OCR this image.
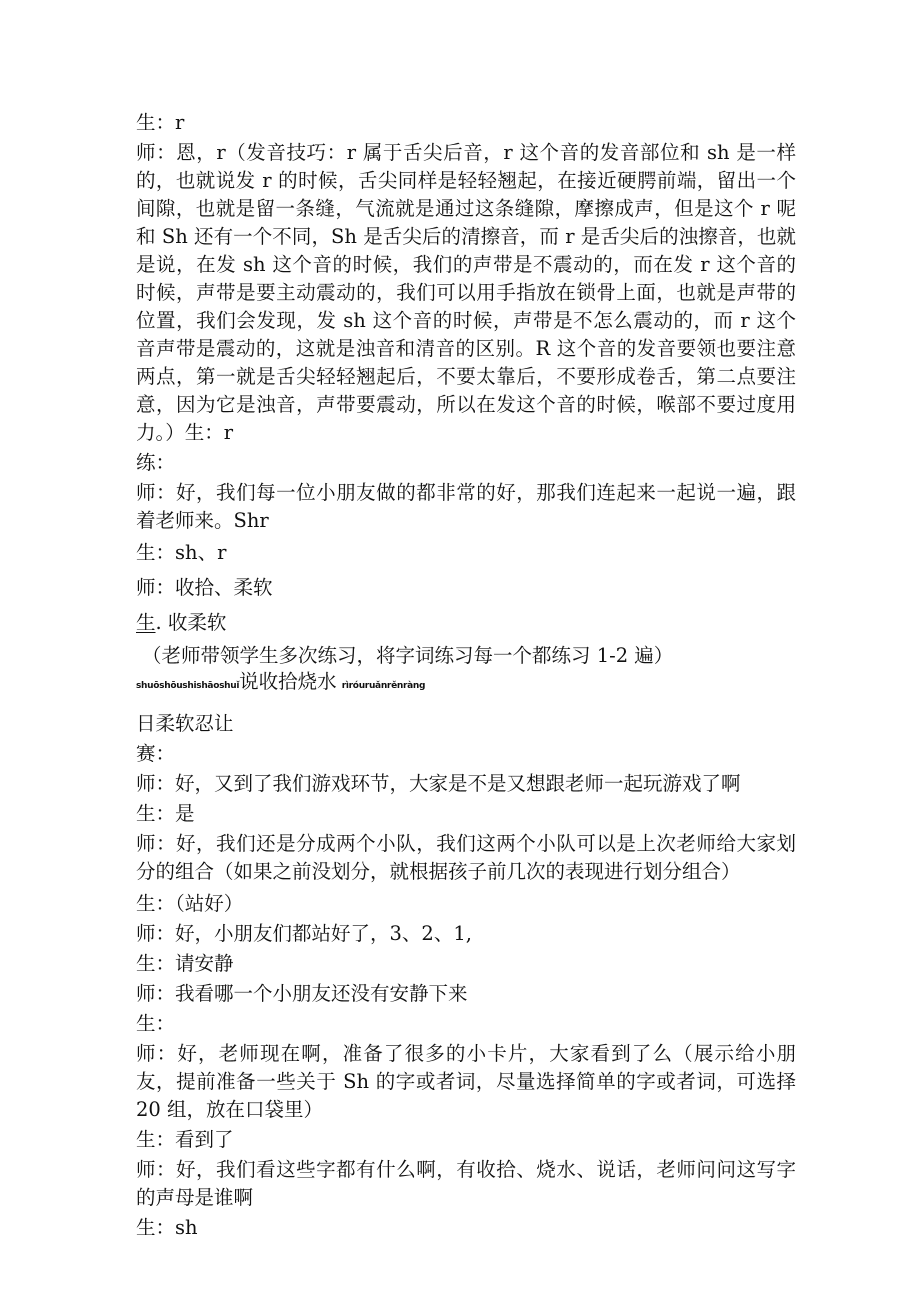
生：r

师：恩，r（发音技巧：r 属于舌尖后音，r 这个音的发音部位和 sh 是一样的，也就说发 r 的时候，舌尖同样是轻轻翘起，在接近硬腭前端，留出一个间隙，也就是留一条缝，气流就是通过这条缝隙，摩擦成声，但是这个 r 呢和 Sh 还有一个不同，Sh 是舌尖后的清擦音，而 r 是舌尖后的浊擦音，也就是说，在发 sh 这个音的时候，我们的声带是不震动的，而在发 r 这个音的时候，声带是要主动震动的，我们可以用手指放在锁骨上面，也就是声带的位置，我们会发现，发 sh 这个音的时候，声带是不怎么震动的，而 r 这个音声带是震动的，这就是浊音和清音的区别。R 这个音的发音要领也要注意两点，第一就是舌尖轻轻翘起后，不要太靠后，不要形成卷舌，第二点要注意，因为它是浊音，声带要震动，所以在发这个音的时候，喉部不要过度用力。）生：r

练：

师：好，我们每一位小朋友做的都非常的好，那我们连起来一起说一遍，跟着老师来。Shr

生：sh、r

师：收拾、柔软

生. 收柔软

（老师带领学生多次练习，将字词练习每一个都练习 1-2 遍）

shuōshōushishāoshuǐ说收拾烧水 rìróuruǎnrěnràng

日柔软忍让

赛：

师：好，又到了我们游戏环节，大家是不是又想跟老师一起玩游戏了啊

生：是

师：好，我们还是分成两个小队，我们这两个小队可以是上次老师给大家划分的组合（如果之前没划分，就根据孩子前几次的表现进行划分组合）

生：（站好）

师：好，小朋友们都站好了，3、2、1,

生：请安静

师：我看哪一个小朋友还没有安静下来

生：

师：好，老师现在啊，准备了很多的小卡片，大家看到了么（展示给小朋友，提前准备一些关于 Sh 的字或者词，尽量选择简单的字或者词，可选择 20 组，放在口袋里）

生：看到了

师：好，我们看这些字都有什么啊，有收拾、烧水、说话，老师问问这写字的声母是谁啊

生：sh
